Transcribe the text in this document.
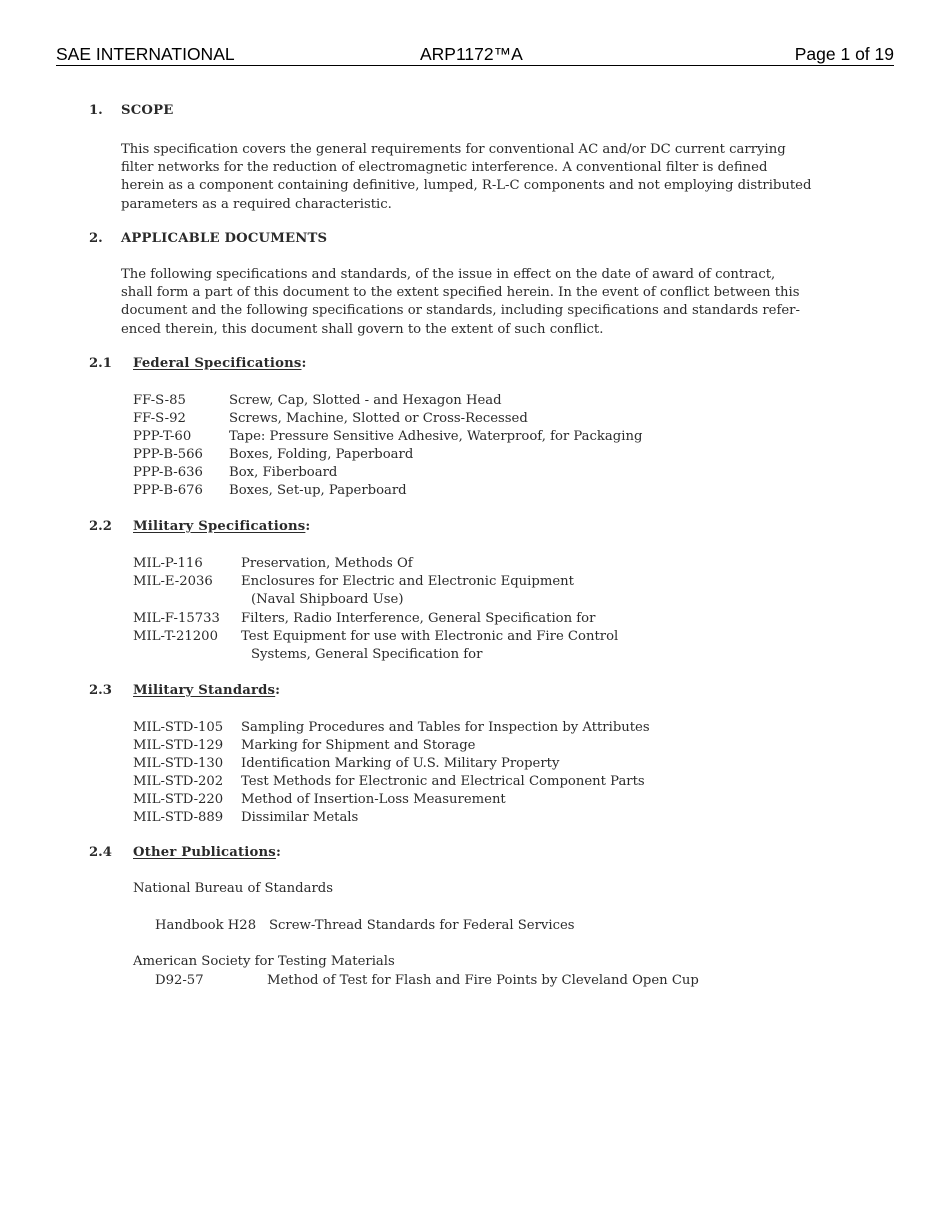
SAE INTERNATIONAL	ARP1172™A	Page 1 of 19
1. SCOPE

This specification covers the general requirements for conventional AC and/or DC current carrying

filter networks for the reduction of electromagnetic interference. A conventional filter is defined

herein as a component containing definitive, lumped, R-L-C components and not employing distributed

parameters as a required characteristic.

2. APPLICABLE DOCUMENTS

The following specifications and standards, of the issue in effect on the date of award of contract,

shall form a part of this document to the extent specified herein. In the event of conflict between this

document and the following specifications or standards, including specifications and standards refer-

enced therein, this document shall govern to the extent of such conflict.

2.1 Federal Specifications:
FF-S-85	Screw, Cap, Slotted - and Hexagon Head
FF-S-92	Screws, Machine, Slotted or Cross-Recessed
PPP-T-60	Tape: Pressure Sensitive Adhesive, Waterproof, for Packaging
PPP-B-566 Boxes, Folding, Paperboard
PPP-B-636 Box, Fiberboard
PPP-B-676 Boxes, Set-up, Paperboard
2.2 Military Specifications:
MIL-P-116	Preservation, Methods Of
MIL-E-2036 Enclosures for Electric and Electronic Equipment
(Naval Shipboard Use)
MIL-F-15733 Filters, Radio Interference, General Specification for
MIL-T-21200 Test Equipment for use with Electronic and Fire Control
Systems, General Specification for
2.3 Military Standards:
MIL-STD-105 Sampling Procedures and Tables for Inspection by Attributes
MIL-STD-129 Marking for Shipment and Storage
MIL-STD-130 Identification Marking of U.S. Military Property
MIL-STD-202 Test Methods for Electronic and Electrical Component Parts
MIL-STD-220 Method of Insertion-Loss Measurement
MIL-STD-889 Dissimilar Metals
2.4 Other Publications:
National Bureau of Standards
Handbook H28 Screw-Thread Standards for Federal Services
American Society for Testing Materials
D92-57	Method of Test for Flash and Fire Points by Cleveland Open Cup
